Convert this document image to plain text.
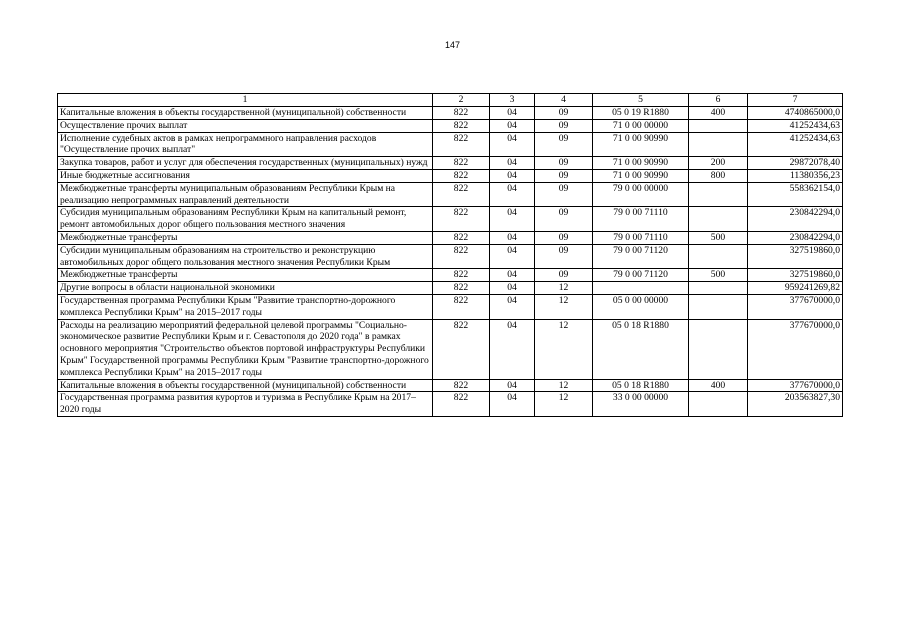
147
1	2	3	4	5	6	7
Капитальные вложения в объекты государственной (муниципальной) собственности	822	04	09	05 0 19 R1880	400	4740865000,0
Осуществление прочих выплат	822	04	09	71 0 00 00000		41252434,63
Исполнение судебных актов в рамках непрограммного направления расходов "Осуществление прочих выплат"	822	04	09	71 0 00 90990		41252434,63
Закупка товаров, работ и услуг для обеспечения государственных (муниципальных) нужд	822	04	09	71 0 00 90990	200	29872078,40
Иные бюджетные ассигнования	822	04	09	71 0 00 90990	800	11380356,23
Межбюджетные трансферты муниципальным образованиям Республики Крым на реализацию непрограммных направлений деятельности	822	04	09	79 0 00 00000		558362154,0
Субсидия муниципальным образованиям Республики Крым на капитальный ремонт, ремонт автомобильных дорог общего пользования местного значения	822	04	09	79 0 00 71110		230842294,0
Межбюджетные трансферты	822	04	09	79 0 00 71110	500	230842294,0
Субсидии муниципальным образованиям на строительство и реконструкцию автомобильных дорог общего пользования местного значения Республики Крым	822	04	09	79 0 00 71120		327519860,0
Межбюджетные трансферты	822	04	09	79 0 00 71120	500	327519860,0
Другие вопросы в области национальной экономики	822	04	12			959241269,82
Государственная программа Республики Крым "Развитие транспортно-дорожного комплекса Республики Крым" на 2015–2017 годы	822	04	12	05 0 00 00000		377670000,0
Расходы на реализацию мероприятий федеральной целевой программы "Социально-экономическое развитие Республики Крым и г. Севастополя до 2020 года" в рамках основного мероприятия "Строительство объектов портовой инфраструктуры Республики Крым" Государственной программы Республики Крым "Развитие транспортно-дорожного комплекса Республики Крым" на 2015–2017 годы	822	04	12	05 0 18 R1880		377670000,0
Капитальные вложения в объекты государственной (муниципальной) собственности	822	04	12	05 0 18 R1880	400	377670000,0
Государственная программа развития курортов и туризма в Республике Крым на 2017–2020 годы	822	04	12	33 0 00 00000		203563827,30
